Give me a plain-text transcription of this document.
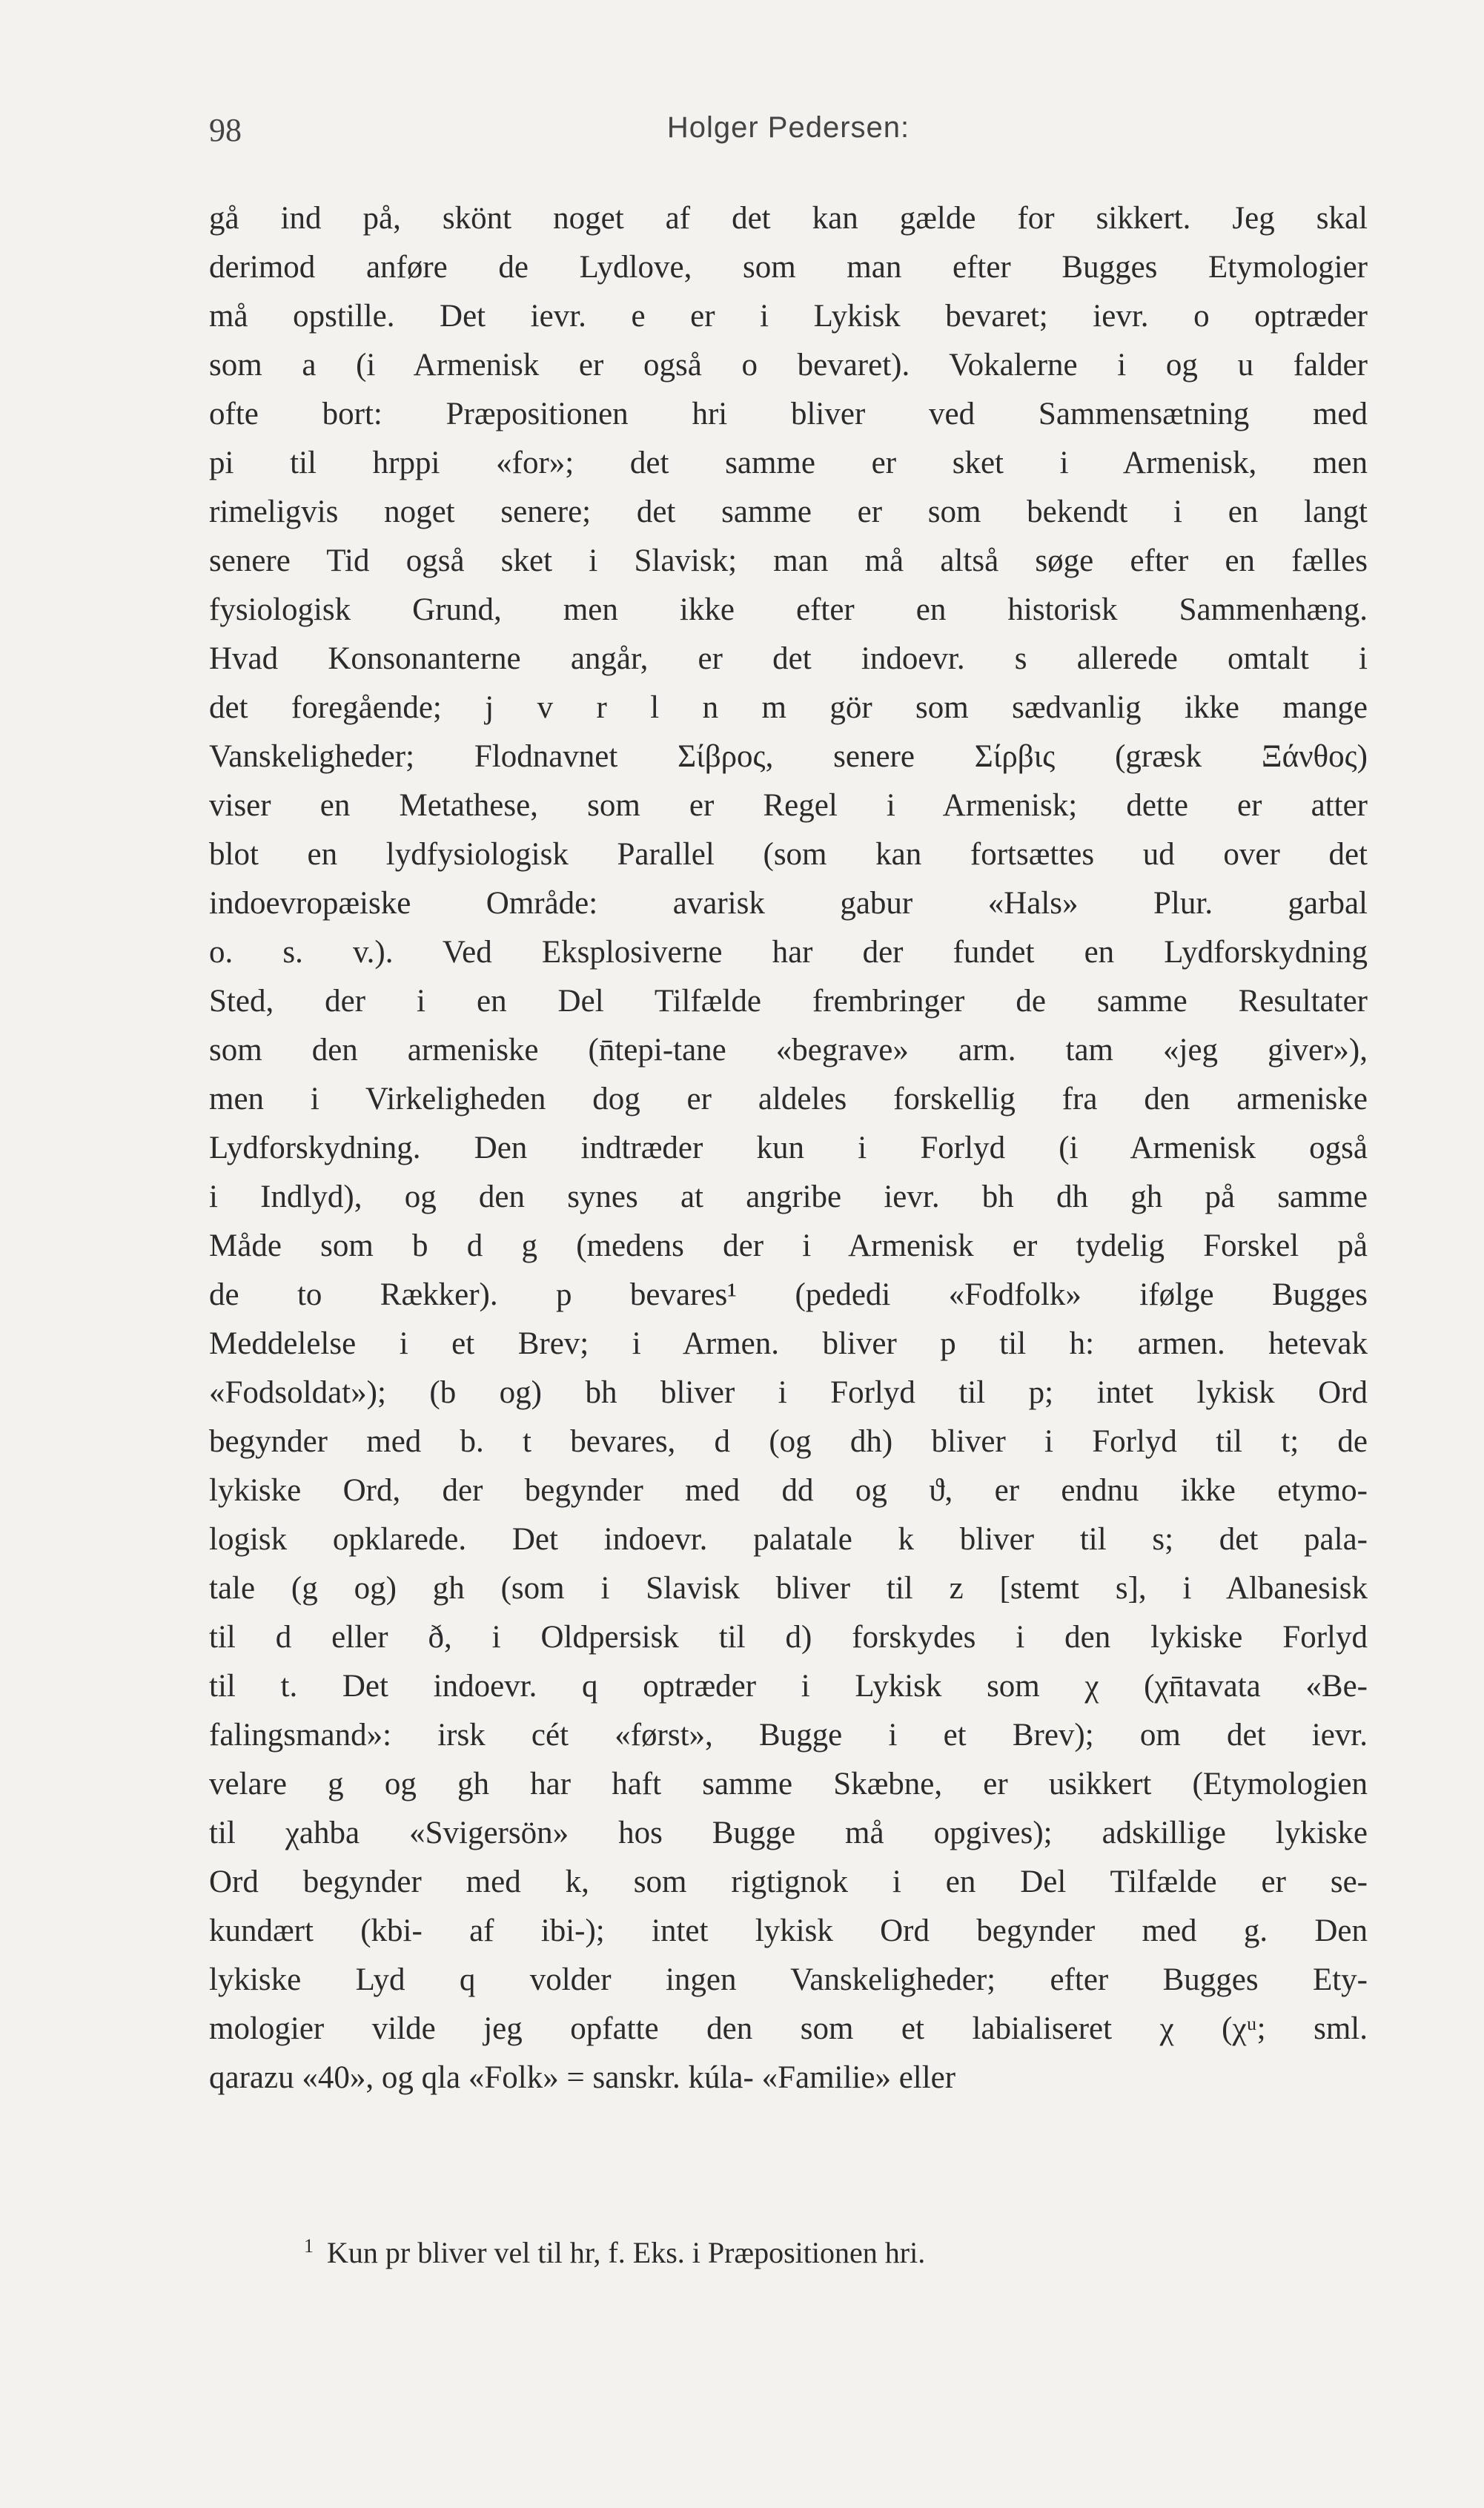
98	Holger Pedersen:
gå ind på, skönt noget af det kan gælde for sikkert. Jeg skal
derimod anføre de Lydlove, som man efter Bugges Etymologier
må opstille. Det ievr. e er i Lykisk bevaret; ievr. o optræder
som a (i Armenisk er også o bevaret). Vokalerne i og u falder
ofte bort: Præpositionen hri bliver ved Sammensætning med
pi til hrppi «for»; det samme er sket i Armenisk, men
rimeligvis noget senere; det samme er som bekendt i en langt
senere Tid også sket i Slavisk; man må altså søge efter en fælles
fysiologisk Grund, men ikke efter en historisk Sammenhæng.
Hvad Konsonanterne angår, er det indoevr. s allerede omtalt i
det foregående; j v r l n m gör som sædvanlig ikke mange
Vanskeligheder; Flodnavnet Σίβρος, senere Σίρβις (græsk Ξάνθος)
viser en Metathese, som er Regel i Armenisk; dette er atter
blot en lydfysiologisk Parallel (som kan fortsættes ud over det
indoevropæiske Område: avarisk gabur «Hals» Plur. garbal
o. s. v.). Ved Eksplosiverne har der fundet en Lydforskydning
Sted, der i en Del Tilfælde frembringer de samme Resultater
som den armeniske (n̄tepi-tane «begrave» arm. tam «jeg giver»),
men i Virkeligheden dog er aldeles forskellig fra den armeniske
Lydforskydning. Den indtræder kun i Forlyd (i Armenisk også
i Indlyd), og den synes at angribe ievr. bh dh gh på samme
Måde som b d g (medens der i Armenisk er tydelig Forskel på
de to Rækker). p bevares¹ (pededi «Fodfolk» ifølge Bugges
Meddelelse i et Brev; i Armen. bliver p til h: armen. hetevak
«Fodsoldat»); (b og) bh bliver i Forlyd til p; intet lykisk Ord
begynder med b. t bevares, d (og dh) bliver i Forlyd til t; de
lykiske Ord, der begynder med dd og ϑ, er endnu ikke etymo-
logisk opklarede. Det indoevr. palatale k bliver til s; det pala-
tale (g og) gh (som i Slavisk bliver til z [stemt s], i Albanesisk
til d eller ð, i Oldpersisk til d) forskydes i den lykiske Forlyd
til t. Det indoevr. q optræder i Lykisk som χ (χn̄tavata «Be-
falingsmand»: irsk cét «først», Bugge i et Brev); om det ievr.
velare g og gh har haft samme Skæbne, er usikkert (Etymologien
til χahba «Svigersön» hos Bugge må opgives); adskillige lykiske
Ord begynder med k, som rigtignok i en Del Tilfælde er se-
kundært (kbi- af ibi-); intet lykisk Ord begynder med g. Den
lykiske Lyd q volder ingen Vanskeligheder; efter Bugges Ety-
mologier vilde jeg opfatte den som et labialiseret χ (χᵘ; sml.
qarazu «40», og qla «Folk» = sanskr. kúla- «Familie» eller
$^1$ Kun pr bliver vel til hr, f. Eks. i Præpositionen hri.
